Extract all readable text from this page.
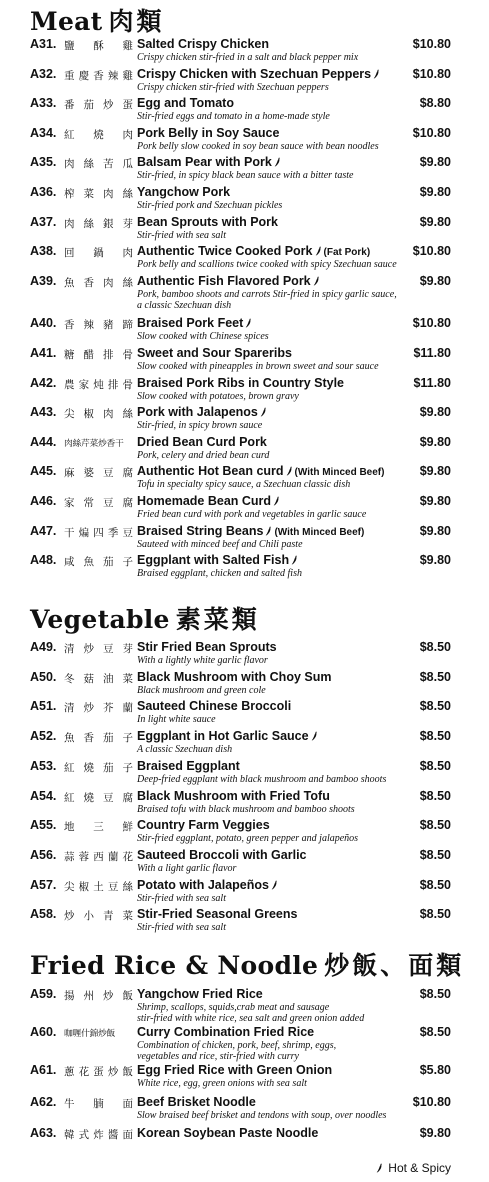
Meat 肉類
A31. 鹽酥雞 Salted Crispy Chicken
Crispy chicken stir-fried in a salt and black pepper mix
$10.80
A32. 重慶香辣雞 Crispy Chicken with Szechuan Peppers
Crispy chicken stir-fried with Szechuan peppers
$10.80
A33. 番茄炒蛋 Egg and Tomato
Stir-fried eggs and tomato in a home-made style
$8.80
A34. 紅燒肉 Pork Belly in Soy Sauce
Pork belly slow cooked in soy bean sauce with bean noodles
$10.80
A35. 肉絲苦瓜 Balsam Pear with Pork
Stir-fried, in spicy black bean sauce with a bitter taste
$9.80
A36. 榨菜肉絲 Yangchow Pork
Stir-fried pork and Szechuan pickles
$9.80
A37. 肉絲銀芽 Bean Sprouts with Pork
Stir-fried with sea salt
$9.80
A38. 回鍋肉 Authentic Twice Cooked Pork (Fat Pork)
Pork belly and scallions twice cooked with spicy Szechuan sauce
$10.80
A39. 魚香肉絲 Authentic Fish Flavored Pork
Pork, bamboo shoots and carrots Stir-fried in spicy garlic sauce,
a classic Szechuan dish
$9.80
A40. 香辣豬蹄 Braised Pork Feet
Slow cooked with Chinese spices
$10.80
A41. 糖醋排骨 Sweet and Sour Spareribs
Slow cooked with pineapples in brown sweet and sour sauce
$11.80
A42. 農家炖排骨 Braised Pork Ribs in Country Style
Slow cooked with potatoes, brown gravy
$11.80
A43. 尖椒肉絲 Pork with Jalapenos
Stir-fried, in spicy brown sauce
$9.80
A44. 肉絲芹菜炒香干	Dried Bean Curd Pork
Pork, celery and dried bean curd
$9.80
A45. 麻婆豆腐 Authentic Hot Bean curd (With Minced Beef)
Tofu in specialty spicy sauce, a Szechuan classic dish
$9.80
A46. 家常豆腐 Homemade Bean Curd
Fried bean curd with pork and vegetables in garlic sauce
$9.80
A47. 干煸四季豆 Braised String Beans (With Minced Beef)
Sauteed with minced beef and Chili paste
$9.80
A48. 咸魚茄子 Eggplant with Salted Fish
Braised eggplant, chicken and salted fish
$9.80
Vegetable 素菜類
A49. 清炒豆芽 Stir Fried Bean Sprouts
With a lightly white garlic flavor
$8.50
A50. 冬菇油菜 Black Mushroom with Choy Sum
Black mushroom and green cole
$8.50
A51. 清炒芥蘭 Sauteed Chinese Broccoli
In light white sauce
$8.50
A52. 魚香茄子 Eggplant in Hot Garlic Sauce
A classic Szechuan dish
$8.50
A53. 紅燒茄子 Braised Eggplant
Deep-fried eggplant with black mushroom and bamboo shoots
$8.50
A54. 紅燒豆腐 Black Mushroom with Fried Tofu
Braised tofu with black mushroom and bamboo shoots
$8.50
A55. 地三鮮 Country Farm Veggies
Stir-fried eggplant, potato, green pepper and jalapeños
$8.50
A56. 蒜蓉西蘭花 Sauteed Broccoli with Garlic
With a light garlic flavor
$8.50
A57. 尖椒土豆絲 Potato with Jalapeños
Stir-fried with sea salt
$8.50
A58. 炒小青菜 Stir-Fried Seasonal Greens
Stir-fried with sea salt
$8.50
Fried Rice & Noodle 炒飯、面類
A59. 揚州炒飯 Yangchow Fried Rice
Shrimp, scallops, squids,crab meat and sausage
stir-fried with white rice, sea salt and green onion added
$8.50
A60. 咖喱什錦炒飯	Curry Combination Fried Rice
Combination of chicken, pork, beef, shrimp, eggs,
vegetables and rice, stir-fried with curry
$8.50
A61. 蔥花蛋炒飯 Egg Fried Rice with Green Onion
White rice, egg, green onions with sea salt
$5.80
A62. 牛腩面 Beef Brisket Noodle
Slow braised beef brisket and tendons with soup, over noodles
$10.80
A63. 韓式炸醬面 Korean Soybean Paste Noodle	$9.80
Hot & Spicy
